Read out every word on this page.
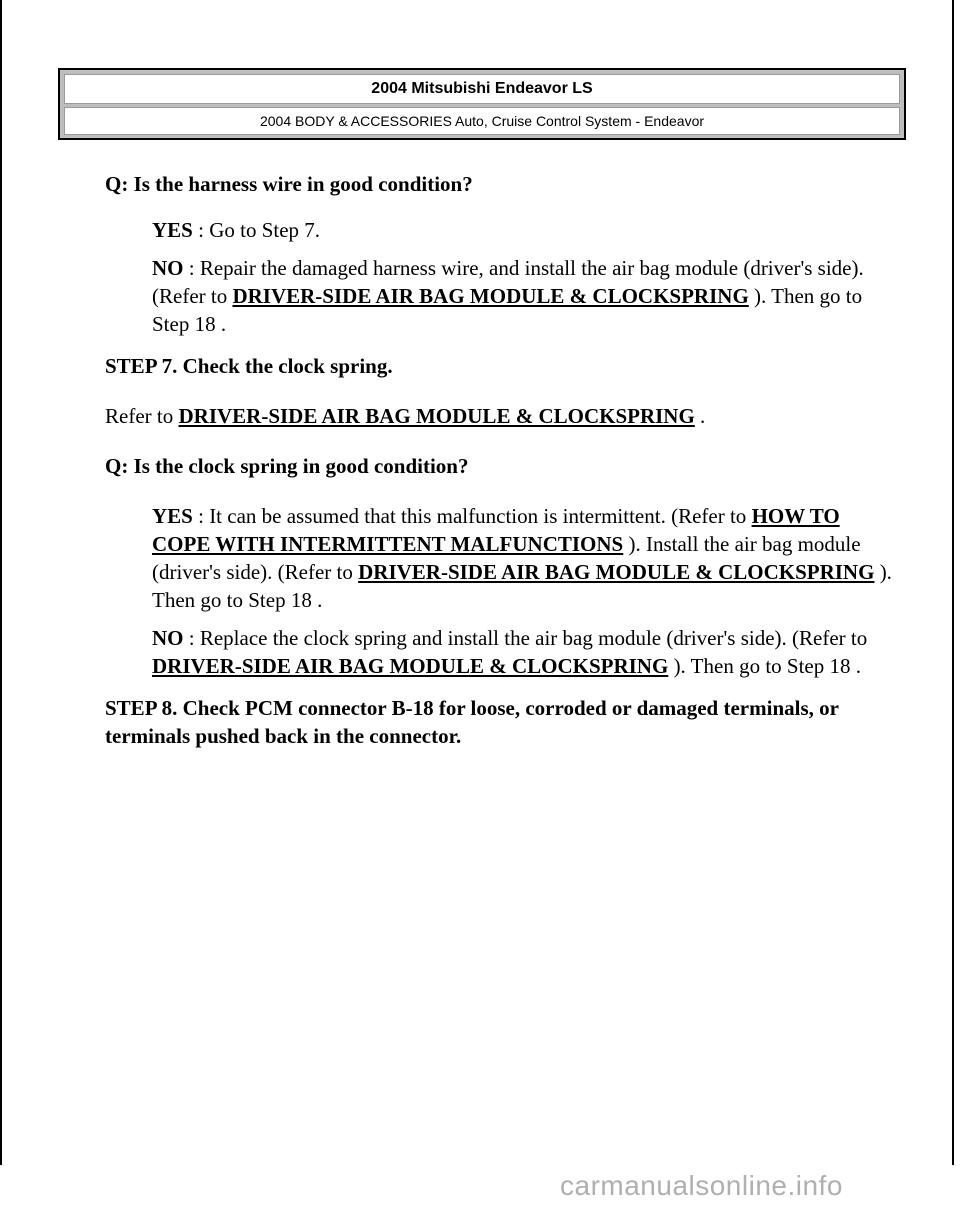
2004 Mitsubishi Endeavor LS
2004 BODY & ACCESSORIES Auto, Cruise Control System - Endeavor
Q: Is the harness wire in good condition?
YES : Go to Step 7.
NO : Repair the damaged harness wire, and install the air bag module (driver's side). (Refer to DRIVER-SIDE AIR BAG MODULE & CLOCKSPRING ). Then go to Step 18 .
STEP 7. Check the clock spring.
Refer to DRIVER-SIDE AIR BAG MODULE & CLOCKSPRING .
Q: Is the clock spring in good condition?
YES : It can be assumed that this malfunction is intermittent. (Refer to HOW TO COPE WITH INTERMITTENT MALFUNCTIONS ). Install the air bag module (driver's side). (Refer to DRIVER-SIDE AIR BAG MODULE & CLOCKSPRING ). Then go to Step 18 .
NO : Replace the clock spring and install the air bag module (driver's side). (Refer to DRIVER-SIDE AIR BAG MODULE & CLOCKSPRING ). Then go to Step 18 .
STEP 8. Check PCM connector B-18 for loose, corroded or damaged terminals, or terminals pushed back in the connector.
carmanualsonline.info
